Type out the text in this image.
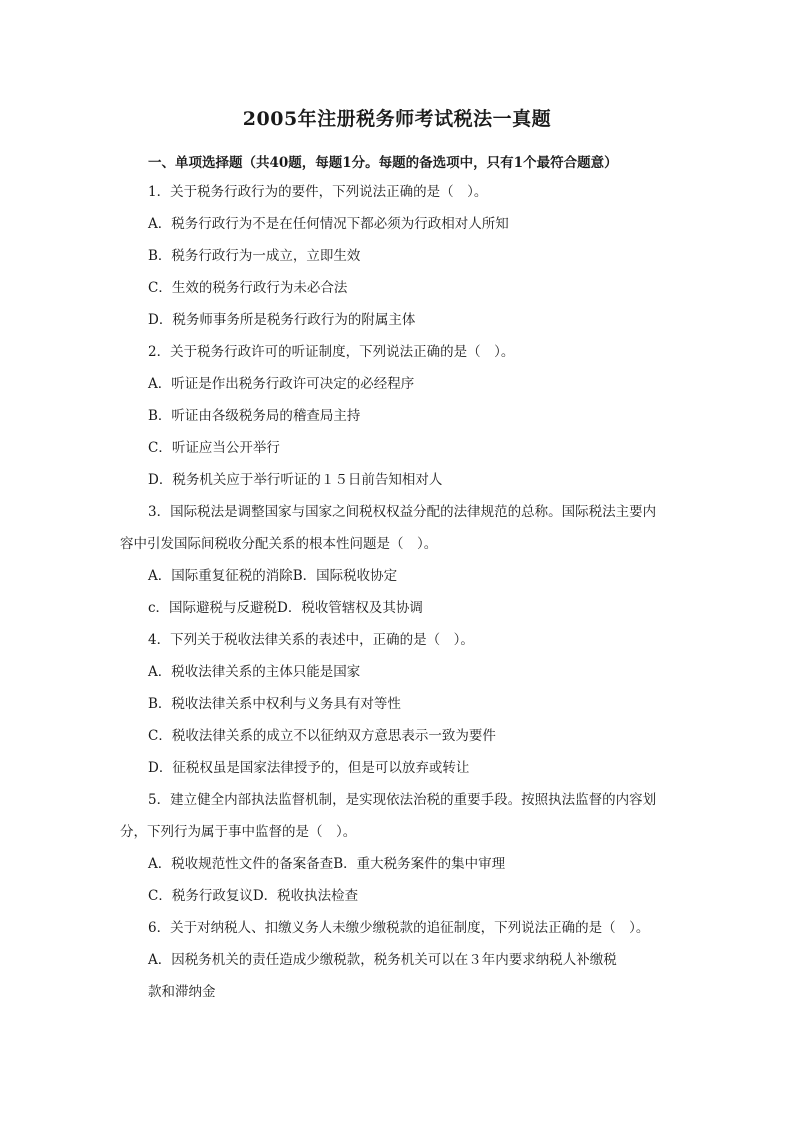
2005年注册税务师考试税法一真题
一、单项选择题（共40题，每题1分。每题的备选项中，只有1个最符合题意）
1．关于税务行政行为的要件，下列说法正确的是（　）。
A．税务行政行为不是在任何情况下都必须为行政相对人所知
B．税务行政行为一成立，立即生效
C．生效的税务行政行为未必合法
D．税务师事务所是税务行政行为的附属主体
2．关于税务行政许可的听证制度，下列说法正确的是（　）。
A．听证是作出税务行政许可决定的必经程序
B．听证由各级税务局的稽查局主持
C．听证应当公开举行
D．税务机关应于举行听证的１５日前告知相对人
3．国际税法是调整国家与国家之间税权权益分配的法律规范的总称。国际税法主要内
容中引发国际间税收分配关系的根本性问题是（　）。
A．国际重复征税的消除B．国际税收协定
c．国际避税与反避税D．税收管辖权及其协调
4．下列关于税收法律关系的表述中，正确的是（　）。
A．税收法律关系的主体只能是国家
B．税收法律关系中权利与义务具有对等性
C．税收法律关系的成立不以征纳双方意思表示一致为要件
D．征税权虽是国家法律授予的，但是可以放弃或转让
5．建立健全内部执法监督机制，是实现依法治税的重要手段。按照执法监督的内容划
分，下列行为属于事中监督的是（　）。
A．税收规范性文件的备案备查B．重大税务案件的集中审理
C．税务行政复议D．税收执法检查
6．关于对纳税人、扣缴义务人未缴少缴税款的追征制度，下列说法正确的是（　）。
A．因税务机关的责任造成少缴税款，税务机关可以在３年内要求纳税人补缴税
款和滞纳金
